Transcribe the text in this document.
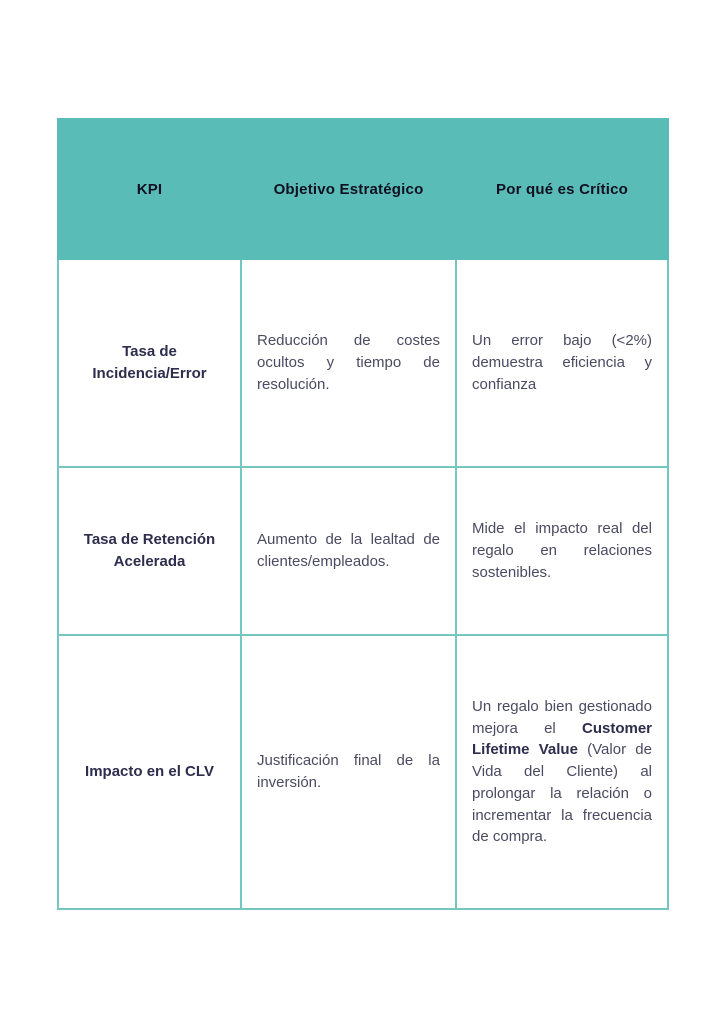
KPI	Objetivo Estratégico	Por qué es Crítico
Tasa de Incidencia/Error	Reducción de costes ocultos y tiempo de resolución.	Un error bajo (<2%) demuestra eficiencia y confianza
Tasa de Retención Acelerada	Aumento de la lealtad de clientes/empleados.	Mide el impacto real del regalo en relaciones sostenibles.
Impacto en el CLV	Justificación final de la inversión.	Un regalo bien gestionado mejora el Customer Lifetime Value (Valor de Vida del Cliente) al prolongar la relación o incrementar la frecuencia de compra.
